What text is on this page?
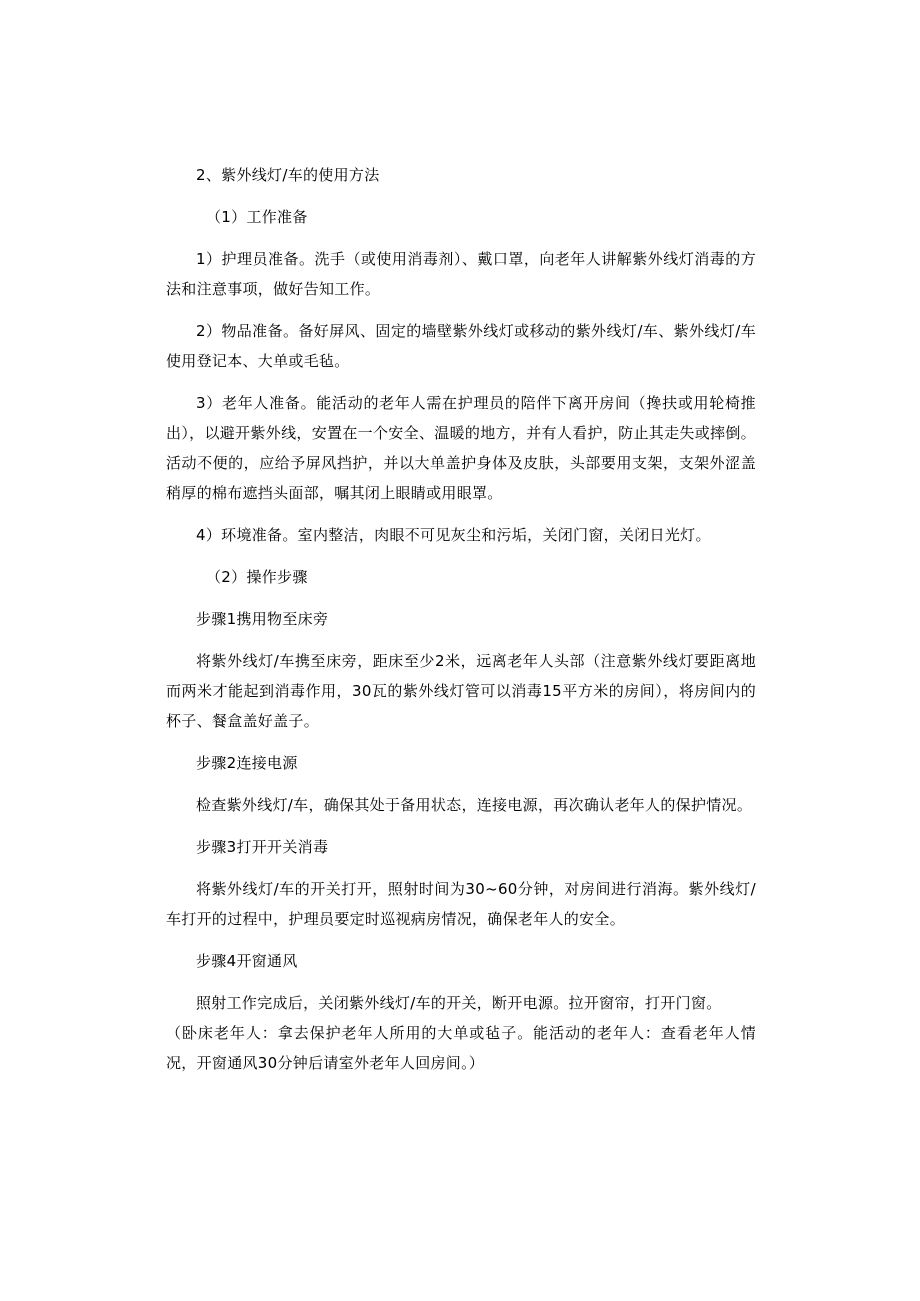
2、紫外线灯/车的使用方法

（1）工作准备

1）护理员准备。洗手（或使用消毒剂）、戴口罩，向老年人讲解紫外线灯消毒的方法和注意事项，做好告知工作。

2）物品准备。备好屏风、固定的墙壁紫外线灯或移动的紫外线灯/车、紫外线灯/车使用登记本、大单或毛毡。

3）老年人准备。能活动的老年人需在护理员的陪伴下离开房间（搀扶或用轮椅推出），以避开紫外线，安置在一个安全、温暖的地方，并有人看护，防止其走失或摔倒。活动不便的，应给予屏风挡护，并以大单盖护身体及皮肤，头部要用支架，支架外涩盖稍厚的棉布遮挡头面部，嘱其闭上眼睛或用眼罩。

4）环境准备。室内整洁，肉眼不可见灰尘和污垢，关闭门窗，关闭日光灯。

（2）操作步骤

步骤1携用物至床旁

将紫外线灯/车携至床旁，距床至少2米，远离老年人头部（注意紫外线灯要距离地而两米才能起到消毒作用，30瓦的紫外线灯管可以消毒15平方米的房间），将房间内的杯子、餐盒盖好盖子。

步骤2连接电源

检查紫外线灯/车，确保其处于备用状态，连接电源，再次确认老年人的保护情况。

步骤3打开开关消毒

将紫外线灯/车的开关打开，照射时间为30~60分钟，对房间进行消海。紫外线灯/车打开的过程中，护理员要定时巡视病房情况，确保老年人的安全。

步骤4开窗通风

照射工作完成后，关闭紫外线灯/车的开关，断开电源。拉开窗帘，打开门窗。

（卧床老年人：拿去保护老年人所用的大单或毡子。能活动的老年人：查看老年人情况，开窗通风30分钟后请室外老年人回房间。）
